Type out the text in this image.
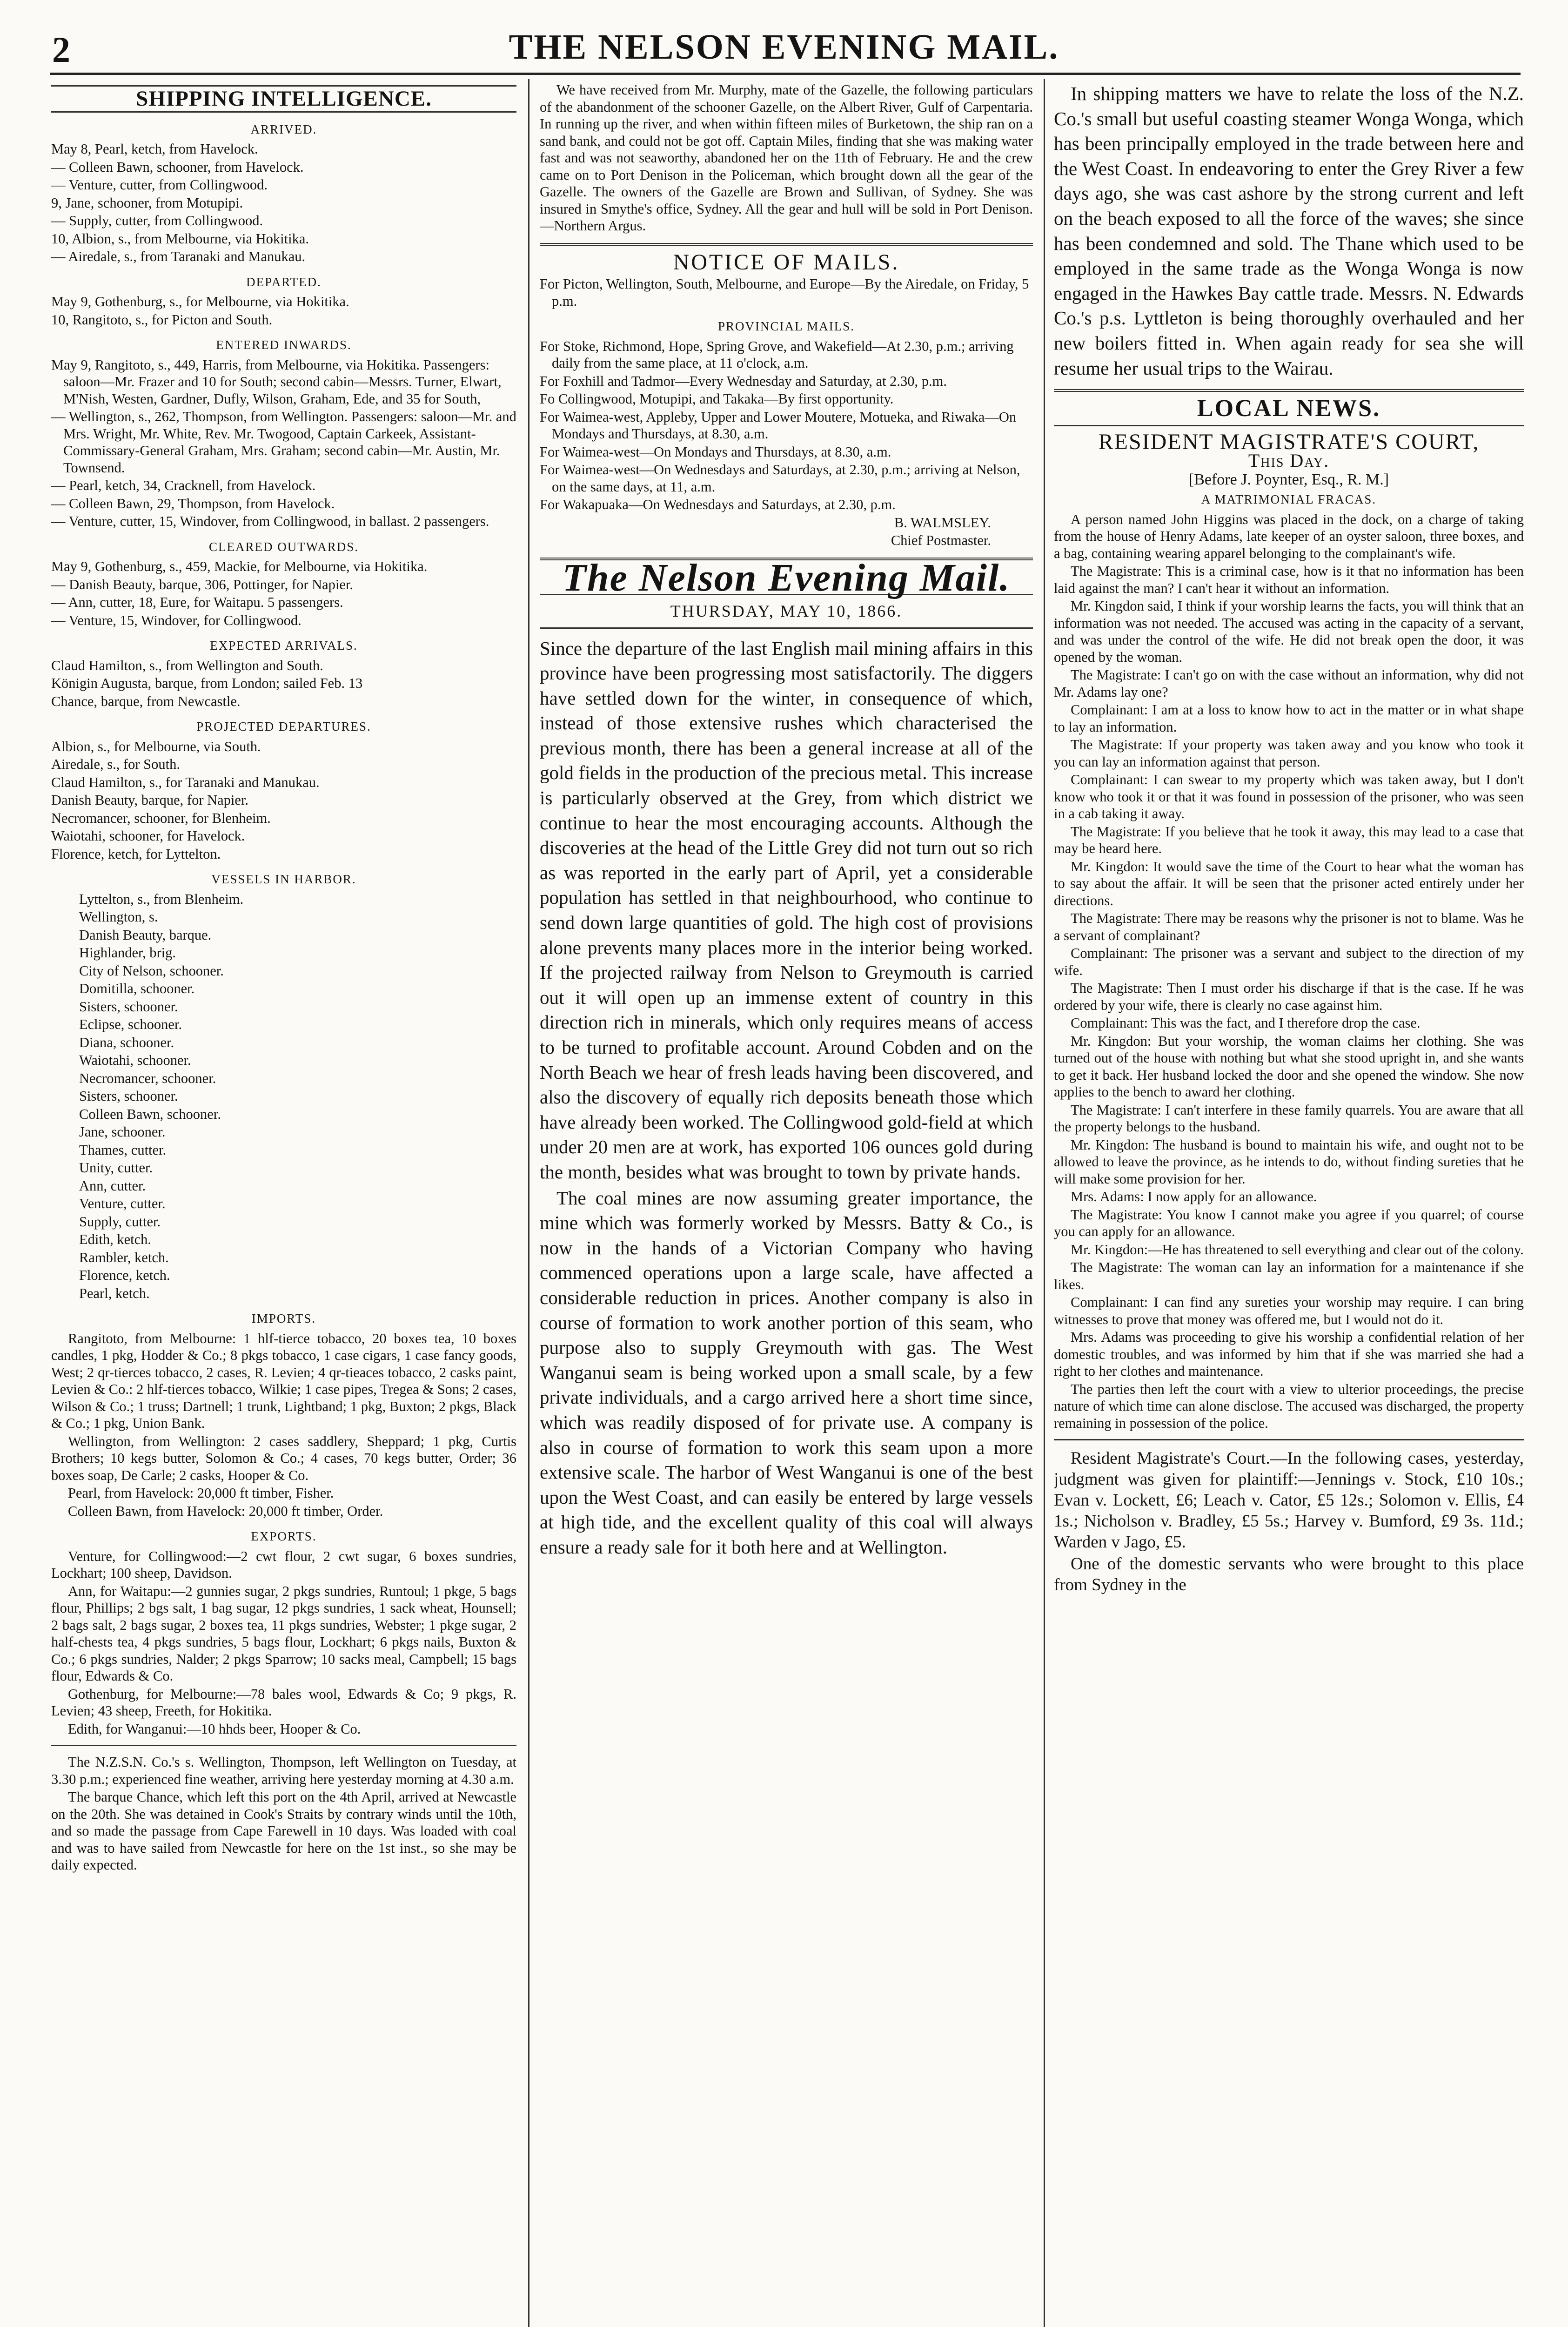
2	THE NELSON EVENING MAIL.
SHIPPING INTELLIGENCE.
ARRIVED.

May 8, Pearl, ketch, from Havelock.

— Colleen Bawn, schooner, from Havelock.

— Venture, cutter, from Collingwood.

9, Jane, schooner, from Motupipi.

— Supply, cutter, from Collingwood.

10, Albion, s., from Melbourne, via Hokitika.

— Airedale, s., from Taranaki and Manukau.

DEPARTED.

May 9, Gothenburg, s., for Melbourne, via Hokitika.

10, Rangitoto, s., for Picton and South.

ENTERED INWARDS.

May 9, Rangitoto, s., 449, Harris, from Melbourne, via Hokitika. Passengers: saloon—Mr. Frazer and 10 for South; second cabin—Messrs. Turner, Elwart, M'Nish, Westen, Gardner, Dufly, Wilson, Graham, Ede, and 35 for South,

— Wellington, s., 262, Thompson, from Wellington. Passengers: saloon—Mr. and Mrs. Wright, Mr. White, Rev. Mr. Twogood, Captain Carkeek, Assistant-Commissary-General Graham, Mrs. Graham; second cabin—Mr. Austin, Mr. Townsend.

— Pearl, ketch, 34, Cracknell, from Havelock.

— Colleen Bawn, 29, Thompson, from Havelock.

— Venture, cutter, 15, Windover, from Collingwood, in ballast. 2 passengers.

CLEARED OUTWARDS.

May 9, Gothenburg, s., 459, Mackie, for Melbourne, via Hokitika.

— Danish Beauty, barque, 306, Pottinger, for Napier.

— Ann, cutter, 18, Eure, for Waitapu. 5 passengers.

— Venture, 15, Windover, for Collingwood.

EXPECTED ARRIVALS.

Claud Hamilton, s., from Wellington and South.

Königin Augusta, barque, from London; sailed Feb. 13

Chance, barque, from Newcastle.

PROJECTED DEPARTURES.

Albion, s., for Melbourne, via South.

Airedale, s., for South.

Claud Hamilton, s., for Taranaki and Manukau.

Danish Beauty, barque, for Napier.

Necromancer, schooner, for Blenheim.

Waiotahi, schooner, for Havelock.

Florence, ketch, for Lyttelton.

VESSELS IN HARBOR.

Lyttelton, s., from Blenheim.

Wellington, s.

Danish Beauty, barque.

Highlander, brig.

City of Nelson, schooner.

Domitilla, schooner.

Sisters, schooner.

Eclipse, schooner.

Diana, schooner.

Waiotahi, schooner.

Necromancer, schooner.

Sisters, schooner.

Colleen Bawn, schooner.

Jane, schooner.

Thames, cutter.

Unity, cutter.

Ann, cutter.

Venture, cutter.

Supply, cutter.

Edith, ketch.

Rambler, ketch.

Florence, ketch.

Pearl, ketch.

IMPORTS.

Rangitoto, from Melbourne: 1 hlf-tierce tobacco, 20 boxes tea, 10 boxes candles, 1 pkg, Hodder & Co.; 8 pkgs tobacco, 1 case cigars, 1 case fancy goods, West; 2 qr-tierces tobacco, 2 cases, R. Levien; 4 qr-tieaces tobacco, 2 casks paint, Levien & Co.: 2 hlf-tierces tobacco, Wilkie; 1 case pipes, Tregea & Sons; 2 cases, Wilson & Co.; 1 truss; Dartnell; 1 trunk, Lightband; 1 pkg, Buxton; 2 pkgs, Black & Co.; 1 pkg, Union Bank.

Wellington, from Wellington: 2 cases saddlery, Sheppard; 1 pkg, Curtis Brothers; 10 kegs butter, Solomon & Co.; 4 cases, 70 kegs butter, Order; 36 boxes soap, De Carle; 2 casks, Hooper & Co.

Pearl, from Havelock: 20,000 ft timber, Fisher.

Colleen Bawn, from Havelock: 20,000 ft timber, Order.

EXPORTS.

Venture, for Collingwood:—2 cwt flour, 2 cwt sugar, 6 boxes sundries, Lockhart; 100 sheep, Davidson.

Ann, for Waitapu:—2 gunnies sugar, 2 pkgs sundries, Runtoul; 1 pkge, 5 bags flour, Phillips; 2 bgs salt, 1 bag sugar, 12 pkgs sundries, 1 sack wheat, Hounsell; 2 bags salt, 2 bags sugar, 2 boxes tea, 11 pkgs sundries, Webster; 1 pkge sugar, 2 half-chests tea, 4 pkgs sundries, 5 bags flour, Lockhart; 6 pkgs nails, Buxton & Co.; 6 pkgs sundries, Nalder; 2 pkgs Sparrow; 10 sacks meal, Campbell; 15 bags flour, Edwards & Co.

Gothenburg, for Melbourne:—78 bales wool, Edwards & Co; 9 pkgs, R. Levien; 43 sheep, Freeth, for Hokitika.

Edith, for Wanganui:—10 hhds beer, Hooper & Co.

The N.Z.S.N. Co.'s s. Wellington, Thompson, left Wellington on Tuesday, at 3.30 p.m.; experienced fine weather, arriving here yesterday morning at 4.30 a.m.

The barque Chance, which left this port on the 4th April, arrived at Newcastle on the 20th. She was detained in Cook's Straits by contrary winds until the 10th, and so made the passage from Cape Farewell in 10 days. Was loaded with coal and was to have sailed from Newcastle for here on the 1st inst., so she may be daily expected.

We have received from Mr. Murphy, mate of the Gazelle, the following particulars of the abandonment of the schooner Gazelle, on the Albert River, Gulf of Carpentaria. In running up the river, and when within fifteen miles of Burketown, the ship ran on a sand bank, and could not be got off. Captain Miles, finding that she was making water fast and was not seaworthy, abandoned her on the 11th of February. He and the crew came on to Port Denison in the Policeman, which brought down all the gear of the Gazelle. The owners of the Gazelle are Brown and Sullivan, of Sydney. She was insured in Smythe's office, Sydney. All the gear and hull will be sold in Port Denison.—Northern Argus.

NOTICE OF MAILS.

For Picton, Wellington, South, Melbourne, and Europe—By the Airedale, on Friday, 5 p.m.

PROVINCIAL MAILS.

For Stoke, Richmond, Hope, Spring Grove, and Wakefield—At 2.30, p.m.; arriving daily from the same place, at 11 o'clock, a.m.

For Foxhill and Tadmor—Every Wednesday and Saturday, at 2.30, p.m.

Fo Collingwood, Motupipi, and Takaka—By first opportunity.

For Waimea-west, Appleby, Upper and Lower Moutere, Motueka, and Riwaka—On Mondays and Thursdays, at 8.30, a.m.

For Waimea-west—On Mondays and Thursdays, at 8.30, a.m.

For Waimea-west—On Wednesdays and Saturdays, at 2.30, p.m.; arriving at Nelson, on the same days, at 11, a.m.

For Wakapuaka—On Wednesdays and Saturdays, at 2.30, p.m.

B. WALMSLEY.

Chief Postmaster.

The Nelson Evening Mail.
THURSDAY, MAY 10, 1866.

Since the departure of the last English mail mining affairs in this province have been progressing most satisfactorily. The diggers have settled down for the winter, in consequence of which, instead of those extensive rushes which characterised the previous month, there has been a general increase at all of the gold fields in the production of the precious metal. This increase is particularly observed at the Grey, from which district we continue to hear the most encouraging accounts. Although the discoveries at the head of the Little Grey did not turn out so rich as was reported in the early part of April, yet a considerable population has settled in that neighbourhood, who continue to send down large quantities of gold. The high cost of provisions alone prevents many places more in the interior being worked. If the projected railway from Nelson to Greymouth is carried out it will open up an immense extent of country in this direction rich in minerals, which only requires means of access to be turned to profitable account. Around Cobden and on the North Beach we hear of fresh leads having been discovered, and also the discovery of equally rich deposits beneath those which have already been worked. The Collingwood gold-field at which under 20 men are at work, has exported 106 ounces gold during the month, besides what was brought to town by private hands.

The coal mines are now assuming greater importance, the mine which was formerly worked by Messrs. Batty & Co., is now in the hands of a Victorian Company who having commenced operations upon a large scale, have affected a considerable reduction in prices. Another company is also in course of formation to work another portion of this seam, who purpose also to supply Greymouth with gas. The West Wanganui seam is being worked upon a small scale, by a few private individuals, and a cargo arrived here a short time since, which was readily disposed of for private use. A company is also in course of formation to work this seam upon a more extensive scale. The harbor of West Wanganui is one of the best upon the West Coast, and can easily be entered by large vessels at high tide, and the excellent quality of this coal will always ensure a ready sale for it both here and at Wellington.

In shipping matters we have to relate the loss of the N.Z. Co.'s small but useful coasting steamer Wonga Wonga, which has been principally employed in the trade between here and the West Coast. In endeavoring to enter the Grey River a few days ago, she was cast ashore by the strong current and left on the beach exposed to all the force of the waves; she since has been condemned and sold. The Thane which used to be employed in the same trade as the Wonga Wonga is now engaged in the Hawkes Bay cattle trade. Messrs. N. Edwards Co.'s p.s. Lyttleton is being thoroughly overhauled and her new boilers fitted in. When again ready for sea she will resume her usual trips to the Wairau.

LOCAL NEWS.
RESIDENT MAGISTRATE'S COURT,
This Day.
[Before J. Poynter, Esq., R. M.]
A MATRIMONIAL FRACAS.

A person named John Higgins was placed in the dock, on a charge of taking from the house of Henry Adams, late keeper of an oyster saloon, three boxes, and a bag, containing wearing apparel belonging to the complainant's wife.

The Magistrate: This is a criminal case, how is it that no information has been laid against the man? I can't hear it without an information.

Mr. Kingdon said, I think if your worship learns the facts, you will think that an information was not needed. The accused was acting in the capacity of a servant, and was under the control of the wife. He did not break open the door, it was opened by the woman.

The Magistrate: I can't go on with the case without an information, why did not Mr. Adams lay one?

Complainant: I am at a loss to know how to act in the matter or in what shape to lay an information.

The Magistrate: If your property was taken away and you know who took it you can lay an information against that person.

Complainant: I can swear to my property which was taken away, but I don't know who took it or that it was found in possession of the prisoner, who was seen in a cab taking it away.

The Magistrate: If you believe that he took it away, this may lead to a case that may be heard here.

Mr. Kingdon: It would save the time of the Court to hear what the woman has to say about the affair. It will be seen that the prisoner acted entirely under her directions.

The Magistrate: There may be reasons why the prisoner is not to blame. Was he a servant of complainant?

Complainant: The prisoner was a servant and subject to the direction of my wife.

The Magistrate: Then I must order his discharge if that is the case. If he was ordered by your wife, there is clearly no case against him.

Complainant: This was the fact, and I therefore drop the case.

Mr. Kingdon: But your worship, the woman claims her clothing. She was turned out of the house with nothing but what she stood upright in, and she wants to get it back. Her husband locked the door and she opened the window. She now applies to the bench to award her clothing.

The Magistrate: I can't interfere in these family quarrels. You are aware that all the property belongs to the husband.

Mr. Kingdon: The husband is bound to maintain his wife, and ought not to be allowed to leave the province, as he intends to do, without finding sureties that he will make some provision for her.

Mrs. Adams: I now apply for an allowance.

The Magistrate: You know I cannot make you agree if you quarrel; of course you can apply for an allowance.

Mr. Kingdon:—He has threatened to sell everything and clear out of the colony.

The Magistrate: The woman can lay an information for a maintenance if she likes.

Complainant: I can find any sureties your worship may require. I can bring witnesses to prove that money was offered me, but I would not do it.

Mrs. Adams was proceeding to give his worship a confidential relation of her domestic troubles, and was informed by him that if she was married she had a right to her clothes and maintenance.

The parties then left the court with a view to ulterior proceedings, the precise nature of which time can alone disclose. The accused was discharged, the property remaining in possession of the police.

Resident Magistrate's Court.—In the following cases, yesterday, judgment was given for plaintiff:—Jennings v. Stock, £10 10s.; Evan v. Lockett, £6; Leach v. Cator, £5 12s.; Solomon v. Ellis, £4 1s.; Nicholson v. Bradley, £5 5s.; Harvey v. Bumford, £9 3s. 11d.; Warden v Jago, £5.

One of the domestic servants who were brought to this place from Sydney in the
